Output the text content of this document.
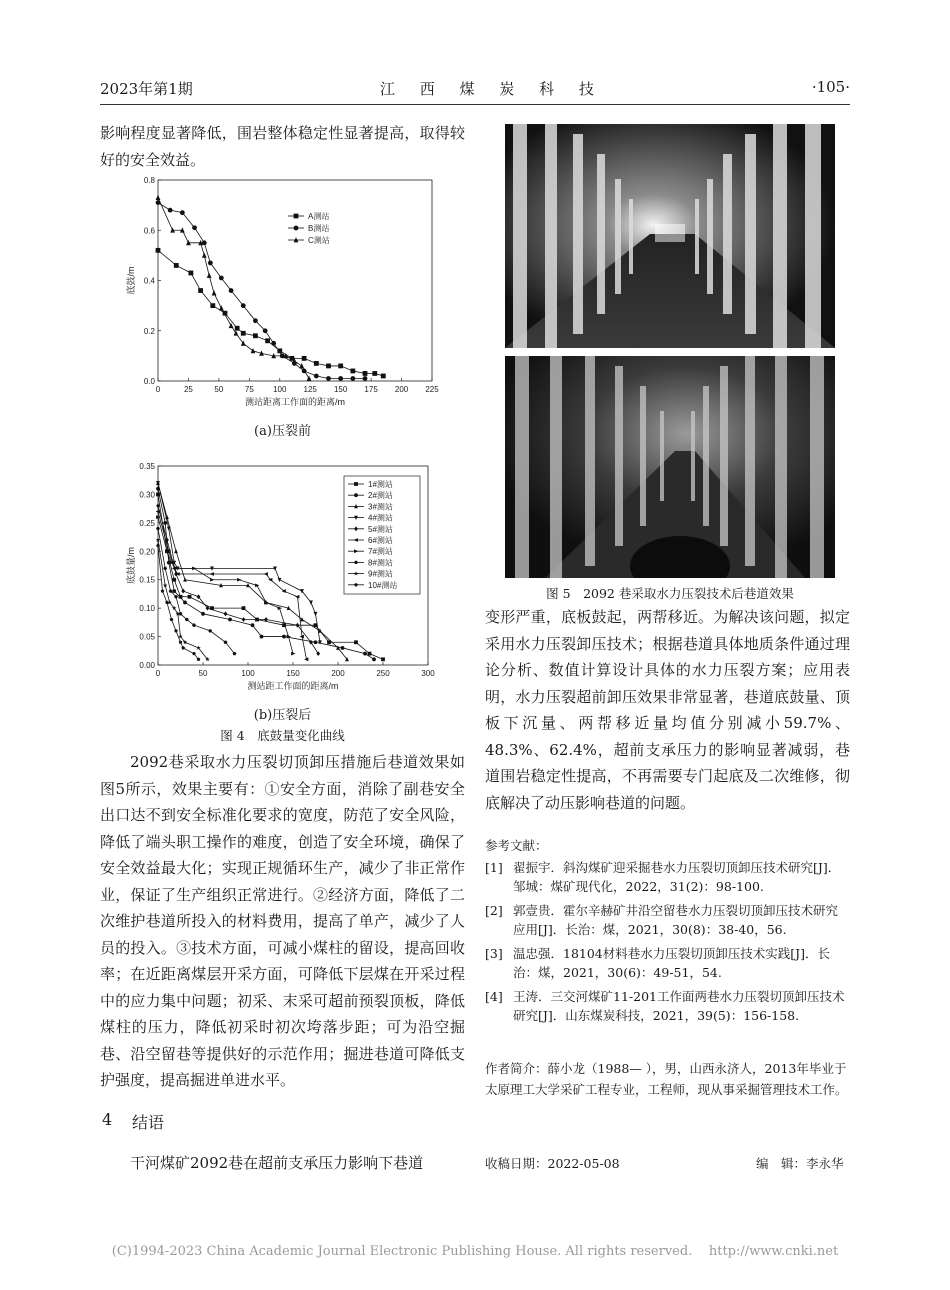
2023年第1期	江 西 煤 炭 科 技	·105·
影响程度显著降低，围岩整体稳定性显著提高，取得较好的安全效益。
0	25	50	75 100 125 150 175 200 225
0.0
0.2
0.4
0.6
0.8
测站距离工作面的距离/m
底鼓/m
A测站
B测站
C测站
(a)压裂前
0	50	100	150	200	250	300
0.00
0.05
0.10
0.15
0.20
0.25
0.30
0.35
测站距工作面的距离/m
底鼓量/m
1#测站
2#测站
3#测站
4#测站
5#测站
6#测站
7#测站
8#测站
9#测站
10#测站
(b)压裂后
图 4　底鼓量变化曲线
2092巷采取水力压裂切顶卸压措施后巷道效果如图5所示，效果主要有：①安全方面，消除了副巷安全出口达不到安全标准化要求的宽度，防范了安全风险，降低了端头职工操作的难度，创造了安全环境，确保了安全效益最大化；实现正规循环生产，减少了非正常作业，保证了生产组织正常进行。②经济方面，降低了二次维护巷道所投入的材料费用，提高了单产，减少了人员的投入。③技术方面，可减小煤柱的留设，提高回收率；在近距离煤层开采方面，可降低下层煤在开采过程中的应力集中问题；初采、末采可超前预裂顶板，降低煤柱的压力，降低初采时初次垮落步距；可为沿空掘巷、沿空留巷等提供好的示范作用；掘进巷道可降低支护强度，提高掘进单进水平。
4 结语
干河煤矿2092巷在超前支承压力影响下巷道
图 5　2092 巷采取水力压裂技术后巷道效果
变形严重，底板鼓起，两帮移近。为解决该问题，拟定采用水力压裂卸压技术；根据巷道具体地质条件通过理论分析、数值计算设计具体的水力压裂方案；应用表明，水力压裂超前卸压效果非常显著，巷道底鼓量、顶板下沉量、两帮移近量均值分别减小59.7%、48.3%、62.4%，超前支承压力的影响显著减弱，巷道围岩稳定性提高，不再需要专门起底及二次维修，彻底解决了动压影响巷道的问题。
参考文献：
[1] 翟振宇．斜沟煤矿迎采掘巷水力压裂切顶卸压技术研究[J]．邹城：煤矿现代化，2022，31(2)：98-100.
[2] 郭壹贵．霍尔辛赫矿井沿空留巷水力压裂切顶卸压技术研究应用[J]．长治：煤，2021，30(8)：38-40，56.
[3] 温忠强．18104材料巷水力压裂切顶卸压技术实践[J]．长治：煤，2021，30(6)：49-51，54.
[4] 王涛．三交河煤矿11-201工作面两巷水力压裂切顶卸压技术研究[J]．山东煤炭科技，2021，39(5)：156-158.
作者简介：薛小龙（1988— ），男，山西永济人，2013年毕业于太原理工大学采矿工程专业，工程师，现从事采掘管理技术工作。
收稿日期：2022-05-08	编　辑：李永华
(C)1994-2023 China Academic Journal Electronic Publishing House. All rights reserved.    http://www.cnki.net
